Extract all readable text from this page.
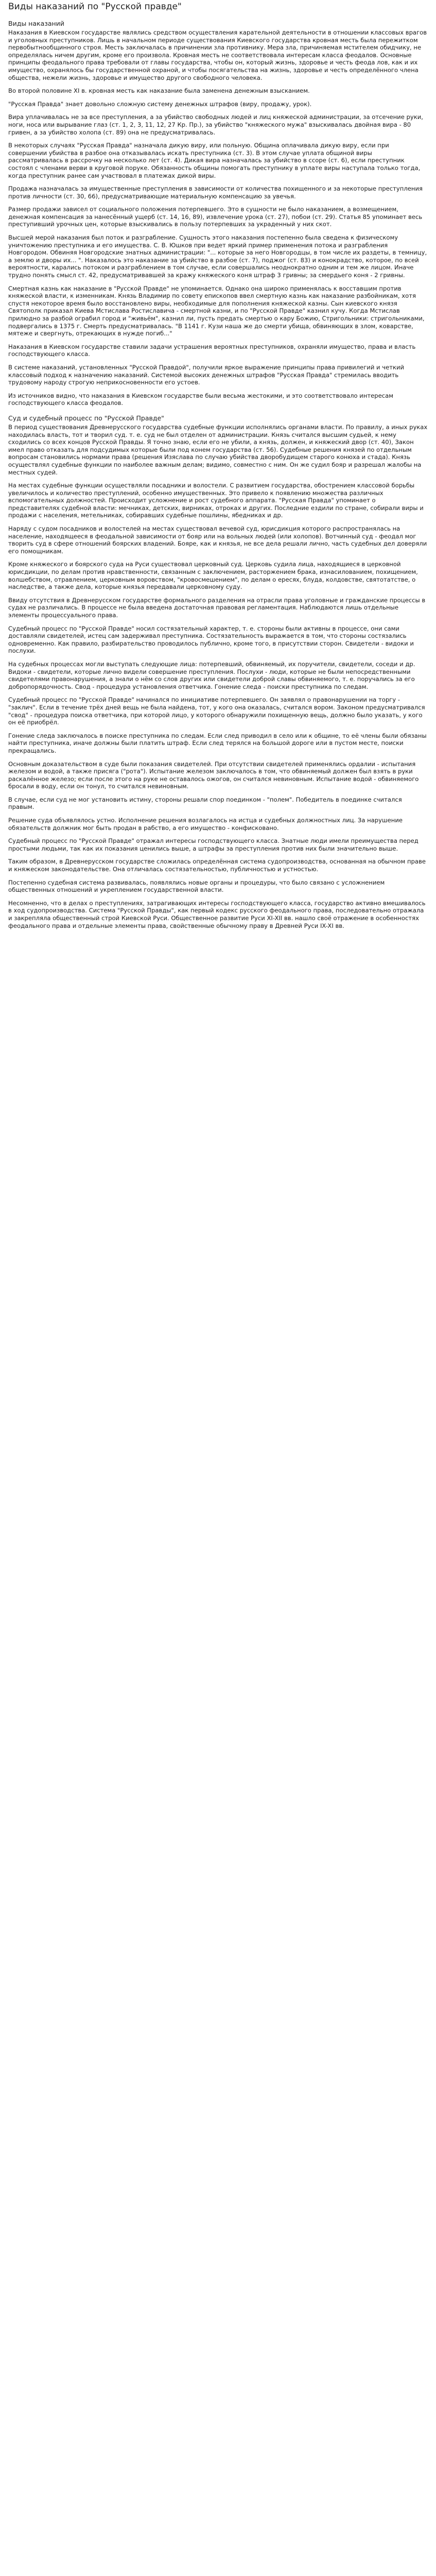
Виды наказаний по "Русской правде"
Виды наказаний

Наказания в Киевском государстве являлись средством осуществления карательной деятельности в отношении классовых врагов и уголовных преступников. Лишь в начальном периоде существования Киевского государства кровная месть была пережитком первобытнообщинного строя. Месть заключалась в причинении зла противнику. Мера зла, причиняемая мстителем обидчику, не определялась ничем другим, кроме его произвола. Кровная месть не соответствовала интересам класса феодалов. Основные принципы феодального права требовали от главы государства, чтобы он, который жизнь, здоровье и честь феода лов, как и их имущество, охранялось бы государственной охраной, и чтобы посягательства на жизнь, здоровье и честь определённого члена общества, нежели жизнь, здоровье и имущество другого свободного человека.

Во второй половине XI в. кровная месть как наказание была заменена денежным взысканием.

"Русская Правда" знает довольно сложную систему денежных штрафов (виру, продажу, урок).

Вира уплачивалась не за все преступления, а за убийство свободных людей и лиц княжеской администрации, за отсечение руки, ноги, носа или вырывание глаз (ст. 1, 2, 3, 11, 12, 27 Кр. Пр.), за убийство "княжеского мужа" взыскивалась двойная вира - 80 гривен, а за убийство холопа (ст. 89) она не предусматривалась.

В некоторых случаях "Русская Правда" назначала дикую виру, или польную. Община оплачивала дикую виру, если при совершении убийства в разбое она отказывалась искать преступника (ст. 3). В этом случае уплата общиной виры рассматривалась в рассрочку на несколько лет (ст. 4). Дикая вира назначалась за убийство в ссоре (ст. 6), если преступник состоял с членами верви в круговой поруке. Обязанность общины помогать преступнику в уплате виры наступала только тогда, когда преступник ранее сам участвовал в платежах дикой виры.

Продажа назначалась за имущественные преступления в зависимости от количества похищенного и за некоторые преступления против личности (ст. 30, 66), предусматривающие материальную компенсацию за увечья.

Размер продажи зависел от социального положения потерпевшего. Это в сущности не было наказанием, а возмещением, денежная компенсация за нанесённый ущерб (ст. 14, 16, 89), извлечение урока (ст. 27), побои (ст. 29). Статья 85 упоминает весь преступивший урочных цен, которые взыскивались в пользу потерпевших за украденный у них скот.

Высшей мерой наказания был поток и разграбление. Сущность этого наказания постепенно была сведена к физическому уничтожению преступника и его имущества. С. В. Юшков при ведет яркий пример применения потока и разграбления Новгородом. Обвиняя Новгородские знатных администрации: "... которые за него Новгородцы, в том числе их раздеты, в темницу, а землю и дворы их... ". Наказалось это наказание за убийство в разбое (ст. 7), поджог (ст. 83) и конокрадство, которое, по всей вероятности, карались потоком и разграблением в том случае, если совершались неоднократно одним и тем же лицом. Иначе трудно понять смысл ст. 42, предусматривавшей за кражу княжеского коня штраф 3 гривны; за смердьего коня - 2 гривны.

Смертная казнь как наказание в "Русской Правде" не упоминается. Однако она широко применялась к восставшим против княжеской власти, к изменникам. Князь Владимир по совету епископов ввел смертную казнь как наказание разбойникам, хотя спустя некоторое время было восстановлено виры, необходимые для пополнения княжеской казны. Сын киевского князя Святополк приказал Киева Мстислава Ростиславича - смертной казни, и по "Русской Правде" казнил кучу. Когда Мстислав прилюдно за разбой ограбил город и "живьём", казнил ли, пусть предать смертью о кару Божию, Стригольники: стригольниками, подвергались в 1375 г. Смерть предусматривалась. "В 1141 г. Кузи наша же до смерти убища, обвиняющих в злом, коварстве, мятеже и свергнуть, отрекающих в нужде погиб..."

Наказания в Киевском государстве ставили задачи устрашения вероятных преступников, охраняли имущество, права и власть господствующего класса.

В системе наказаний, установленных "Русской Правдой", получили яркое выражение принципы права привилегий и четкий классовый подход к назначению наказаний. Системой высоких денежных штрафов "Русская Правда" стремилась вводить трудовому народу строгую неприкосновенности его устоев.

Из источников видно, что наказания в Киевском государстве были весьма жестокими, и это соответствовало интересам господствующего класса феодалов.

Суд и судебный процесс по "Русской Правде"

В период существования Древнерусского государства судебные функции исполнялись органами власти. По правилу, а иных руках находилась власть, тот и творил суд. т. е. суд не был отделен от администрации. Князь считался высшим судьей, к нему сходились со всех концов Русской Правды. Я точно знаю, если его не убили, а князь, должен, и княжеский двор (ст. 40), Закон имел право отказать для подсудимых которые были под конем государства (ст. 56). Судебные решения князей по отдельным вопросам становились нормами права (решения Изяслава по случаю убийства дворобудищем старого конюха и стада). Князь осуществлял судебные функции по наиболее важным делам; видимо, совместно с ним. Он же судил бояр и разрешал жалобы на местных судей.

На местах судебные функции осуществляли посадники и волостели. С развитием государства, обострением классовой борьбы увеличилось и количество преступлений, особенно имущественных. Это привело к появлению множества различных вспомогательных должностей. Происходит усложнение и рост судебного аппарата. "Русская Правда" упоминает о представителях судебной власти: мечниках, детских, вирниках, отроках и других. Последние ездили по стране, собирали виры и продажи с населения, метельниках, собиравших судебные пошлины, ябедниках и др.

Наряду с судом посадников и волостелей на местах существовал вечевой суд, юрисдикция которого распространялась на население, находящееся в феодальной зависимости от бояр или на вольных людей (или холопов). Вотчинный суд - феодал мог творить суд в сфере отношений боярских владений. Бояре, как и князья, не все дела решали лично, часть судебных дел доверяли его помощникам.

Кроме княжеского и боярского суда на Руси существовал церковный суд. Церковь судила лица, находящиеся в церковной юрисдикции, по делам против нравственности, связанным с заключением, расторжением брака, изнасилованием, похищением, волшебством, отравлением, церковным воровством, "кровосмешением", по делам о ересях, блуда, колдовстве, святотатстве, о наследстве, а также дела, которые князья передавали церковному суду.

Ввиду отсутствия в Древнерусском государстве формального разделения на отрасли права уголовные и гражданские процессы в судах не различались. В процессе не была введена достаточная правовая регламентация. Наблюдаются лишь отдельные элементы процессуального права.

Судебный процесс по "Русской Правде" носил состязательный характер, т. е. стороны были активны в процессе, они сами доставляли свидетелей, истец сам задерживал преступника. Состязательность выражается в том, что стороны состязались одновременно. Как правило, разбирательство проводилось публично, кроме того, в присутствии сторон. Свидетели - видоки и послухи.

На судебных процессах могли выступать следующие лица: потерпевший, обвиняемый, их поручители, свидетели, соседи и др. Видоки - свидетели, которые лично видели совершение преступления. Послухи - люди, которые не были непосредственными свидетелями правонарушения, а знали о нём со слов других или свидетели доброй славы обвиняемого, т. е. поручались за его добропорядочность. Свод - процедура установления ответчика. Гонение следа - поиски преступника по следам.

Судебный процесс по "Русской Правде" начинался по инициативе потерпевшего. Он заявлял о правонарушении на торгу - "заклич". Если в течение трёх дней вещь не была найдена, тот, у кого она оказалась, считался вором. Законом предусматривался "свод" - процедура поиска ответчика, при которой лицо, у которого обнаружили похищенную вещь, должно было указать, у кого он её приобрёл.

Гонение следа заключалось в поиске преступника по следам. Если след приводил в село или к общине, то её члены были обязаны найти преступника, иначе должны были платить штраф. Если след терялся на большой дороге или в пустом месте, поиски прекращались.

Основным доказательством в суде были показания свидетелей. При отсутствии свидетелей применялись ордалии - испытания железом и водой, а также присяга ("рота"). Испытание железом заключалось в том, что обвиняемый должен был взять в руки раскалённое железо; если после этого на руке не оставалось ожогов, он считался невиновным. Испытание водой - обвиняемого бросали в воду, если он тонул, то считался невиновным.

В случае, если суд не мог установить истину, стороны решали спор поединком - "полем". Победитель в поединке считался правым.

Решение суда объявлялось устно. Исполнение решения возлагалось на истца и судебных должностных лиц. За нарушение обязательств должник мог быть продан в рабство, а его имущество - конфисковано.

Судебный процесс по "Русской Правде" отражал интересы господствующего класса. Знатные люди имели преимущества перед простыми людьми, так как их показания ценились выше, а штрафы за преступления против них были значительно выше.

Таким образом, в Древнерусском государстве сложилась определённая система судопроизводства, основанная на обычном праве и княжеском законодательстве. Она отличалась состязательностью, публичностью и устностью.

Постепенно судебная система развивалась, появлялись новые органы и процедуры, что было связано с усложнением общественных отношений и укреплением государственной власти.

Несомненно, что в делах о преступлениях, затрагивающих интересы господствующего класса, государство активно вмешивалось в ход судопроизводства. Система "Русской Правды", как первый кодекс русского феодального права, последовательно отражала и закрепляла общественный строй Киевской Руси. Общественное развитие Руси XI-XII вв. нашло своё отражение в особенностях феодального права и отдельные элементы права, свойственные обычному праву в Древней Руси IX-XI вв.
